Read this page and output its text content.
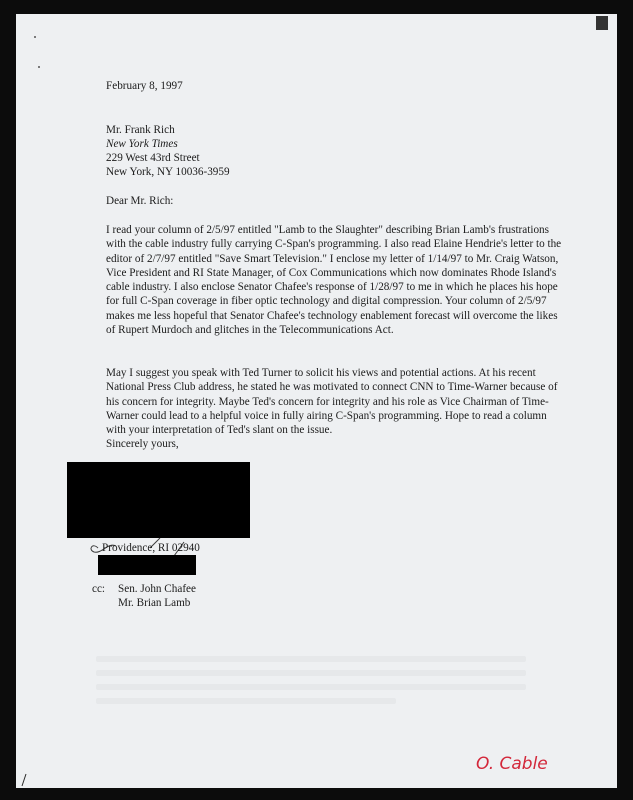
February 8, 1997
Mr. Frank Rich
New York Times
229 West 43rd Street
New York, NY 10036-3959
Dear Mr. Rich:
I read your column of 2/5/97 entitled "Lamb to the Slaughter" describing Brian Lamb's frustrations with the cable industry fully carrying C-Span's programming. I also read Elaine Hendrie's letter to the editor of 2/7/97 entitled "Save Smart Television." I enclose my letter of 1/14/97 to Mr. Craig Watson, Vice President and RI State Manager, of Cox Communications which now dominates Rhode Island's cable industry. I also enclose Senator Chafee's response of 1/28/97 to me in which he places his hope for full C-Span coverage in fiber optic technology and digital compression. Your column of 2/5/97 makes me less hopeful that Senator Chafee's technology enablement forecast will overcome the likes of Rupert Murdoch and glitches in the Telecommunications Act.
May I suggest you speak with Ted Turner to solicit his views and potential actions. At his recent National Press Club address, he stated he was motivated to connect CNN to Time-Warner because of his concern for integrity. Maybe Ted's concern for integrity and his role as Vice Chairman of Time-Warner could lead to a helpful voice in fully airing C-Span's programming. Hope to read a column with your interpretation of Ted's slant on the issue.
Sincerely yours,
Providence, RI 02940
cc: Sen. John Chafee
Mr. Brian Lamb
O. Cable
